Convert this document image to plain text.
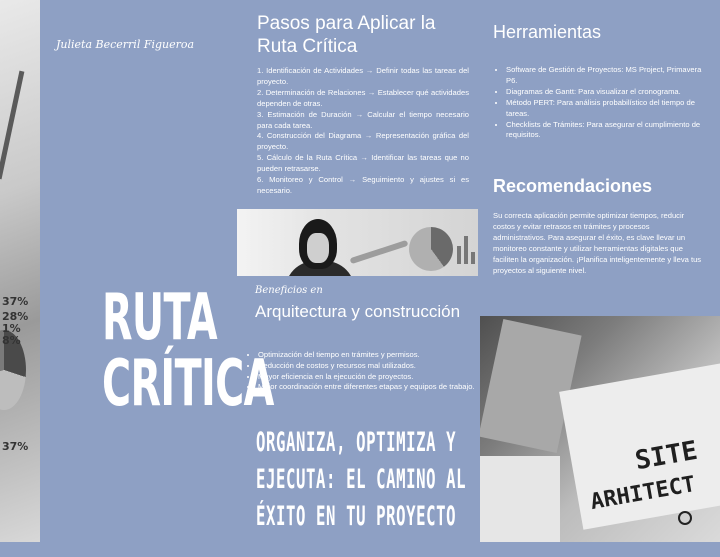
37%
28%
1%
8%
37%
Julieta Becerril Figueroa
RUTA
CRÍTICA
Pasos para Aplicar la Ruta Crítica
1. Identificación de Actividades → Definir todas las tareas del proyecto.
2. Determinación de Relaciones → Establecer qué actividades dependen de otras.
3. Estimación de Duración → Calcular el tiempo necesario para cada tarea.
4. Construcción del Diagrama → Representación gráfica del proyecto.
5. Cálculo de la Ruta Crítica → Identificar las tareas que no pueden retrasarse.
6. Monitoreo y Control → Seguimiento y ajustes si es necesario.
Beneficios en
Arquitectura y construcción
• Optimización del tiempo en trámites y permisos.
• Reducción de costos y recursos mal utilizados.
• Mayor eficiencia en la ejecución de proyectos.
• Mejor coordinación entre diferentes etapas y equipos de trabajo.
ORGANIZA, OPTIMIZA Y
EJECUTA: EL CAMINO AL
ÉXITO EN TU PROYECTO
Herramientas
• Software de Gestión de Proyectos: MS Project, Primavera P6.
• Diagramas de Gantt: Para visualizar el cronograma.
• Método PERT: Para análisis probabilístico del tiempo de tareas.
• Checklists de Trámites: Para asegurar el cumplimiento de requisitos.
Recomendaciones
Su correcta aplicación permite optimizar tiempos, reducir costos y evitar retrasos en trámites y procesos administrativos. Para asegurar el éxito, es clave llevar un monitoreo constante y utilizar herramientas digitales que faciliten la organización. ¡Planifica inteligentemente y lleva tus proyectos al siguiente nivel.
SITE
ARHITECT
